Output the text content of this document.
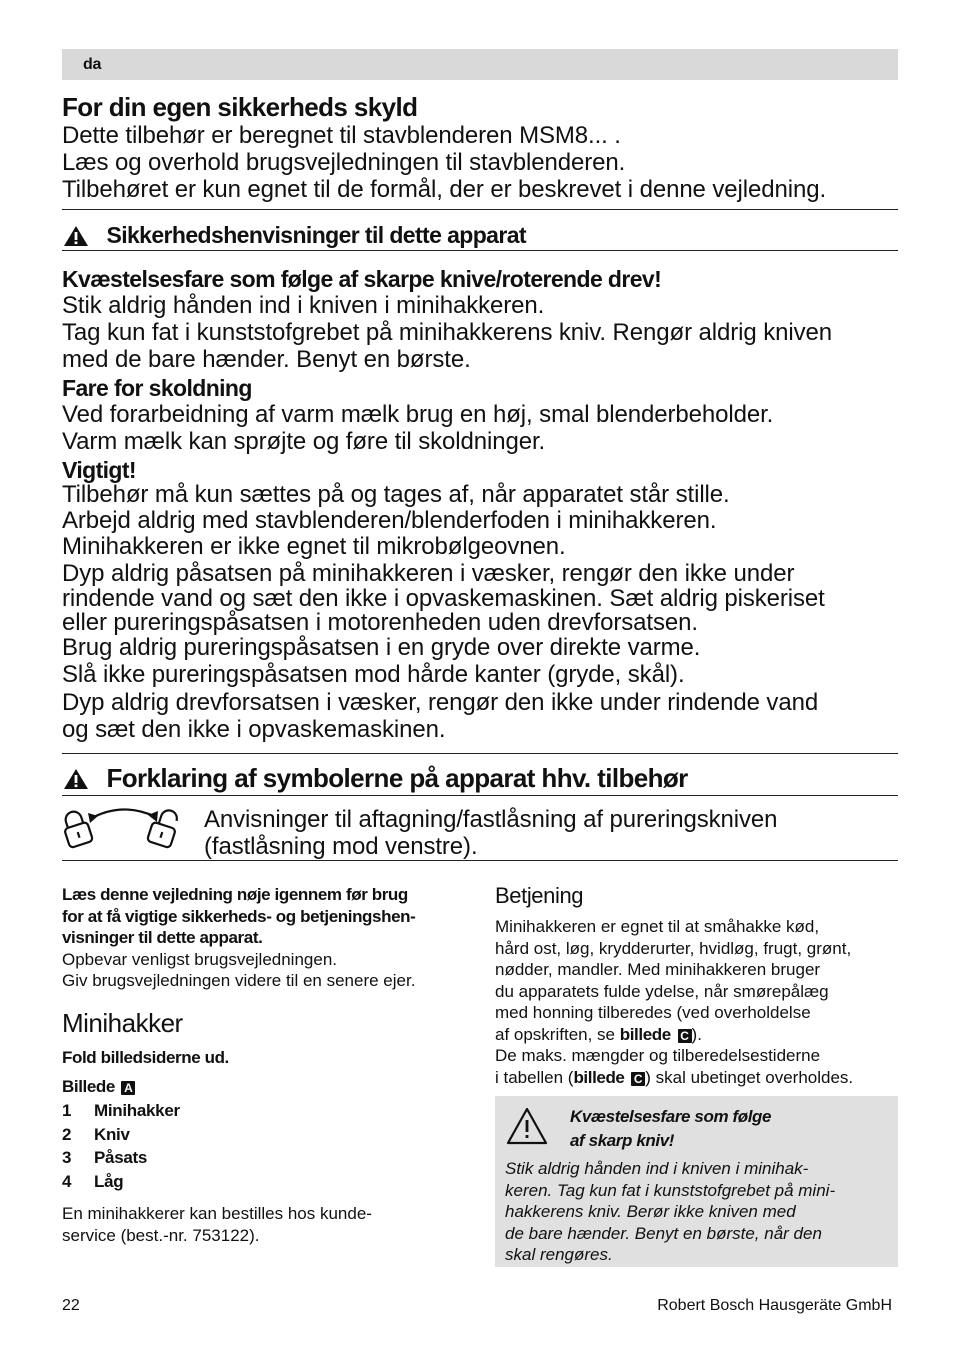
da
For din egen sikkerheds skyld
Dette tilbehør er beregnet til stavblenderen MSM8... .
Læs og overhold brugsvejledningen til stavblenderen.
Tilbehøret er kun egnet til de formål, der er beskrevet i denne vejledning.
Sikkerhedshenvisninger til dette apparat
Kvæstelsesfare som følge af skarpe knive/roterende drev!
Stik aldrig hånden ind i kniven i minihakkeren.
Tag kun fat i kunststofgrebet på minihakkerens kniv. Rengør aldrig kniven
med de bare hænder. Benyt en børste.
Fare for skoldning
Ved forarbeidning af varm mælk brug en høj, smal blenderbeholder.
Varm mælk kan sprøjte og føre til skoldninger.
Vigtigt!
Tilbehør må kun sættes på og tages af, når apparatet står stille.
Arbejd aldrig med stavblenderen/blenderfoden i minihakkeren.
Minihakkeren er ikke egnet til mikrobølgeovnen.
Dyp aldrig påsatsen på minihakkeren i væsker, rengør den ikke under
rindende vand og sæt den ikke i opvaskemaskinen. Sæt aldrig piskeriset
eller pureringspåsatsen i motorenheden uden drevforsatsen.
Brug aldrig pureringspåsatsen i en gryde over direkte varme.
Slå ikke pureringspåsatsen mod hårde kanter (gryde, skål).
Dyp aldrig drevforsatsen i væsker, rengør den ikke under rindende vand
og sæt den ikke i opvaskemaskinen.
Forklaring af symbolerne på apparat hhv. tilbehør
Anvisninger til aftagning/fastlåsning af pureringskniven
(fastlåsning mod venstre).
Læs denne vejledning nøje igennem før brug
for at få vigtige sikkerheds- og betjeningshen-
visninger til dette apparat.
Opbevar venligst brugsvejledningen.
Giv brugsvejledningen videre til en senere ejer.
Minihakker
Fold billedsiderne ud.
Billede A
1 Minihakker
2 Kniv
3 Påsats
4 Låg
En minihakkerer kan bestilles hos kunde-
service (best.-nr. 753122).
Betjening
Minihakkeren er egnet til at småhakke kød,
hård ost, løg, krydderurter, hvidløg, frugt, grønt,
nødder, mandler. Med minihakkeren bruger
du apparatets fulde ydelse, når smørepålæg
med honning tilberedes (ved overholdelse
af opskriften, se billede C ).
De maks. mængder og tilberedelsestiderne
i tabellen (billede C ) skal ubetinget overholdes.
Kvæstelsesfare som følge
af skarp kniv!
Stik aldrig hånden ind i kniven i minihak-
keren. Tag kun fat i kunststofgrebet på mini-
hakkerens kniv. Berør ikke kniven med
de bare hænder. Benyt en børste, når den
skal rengøres.
22	Robert Bosch Hausgeräte GmbH
